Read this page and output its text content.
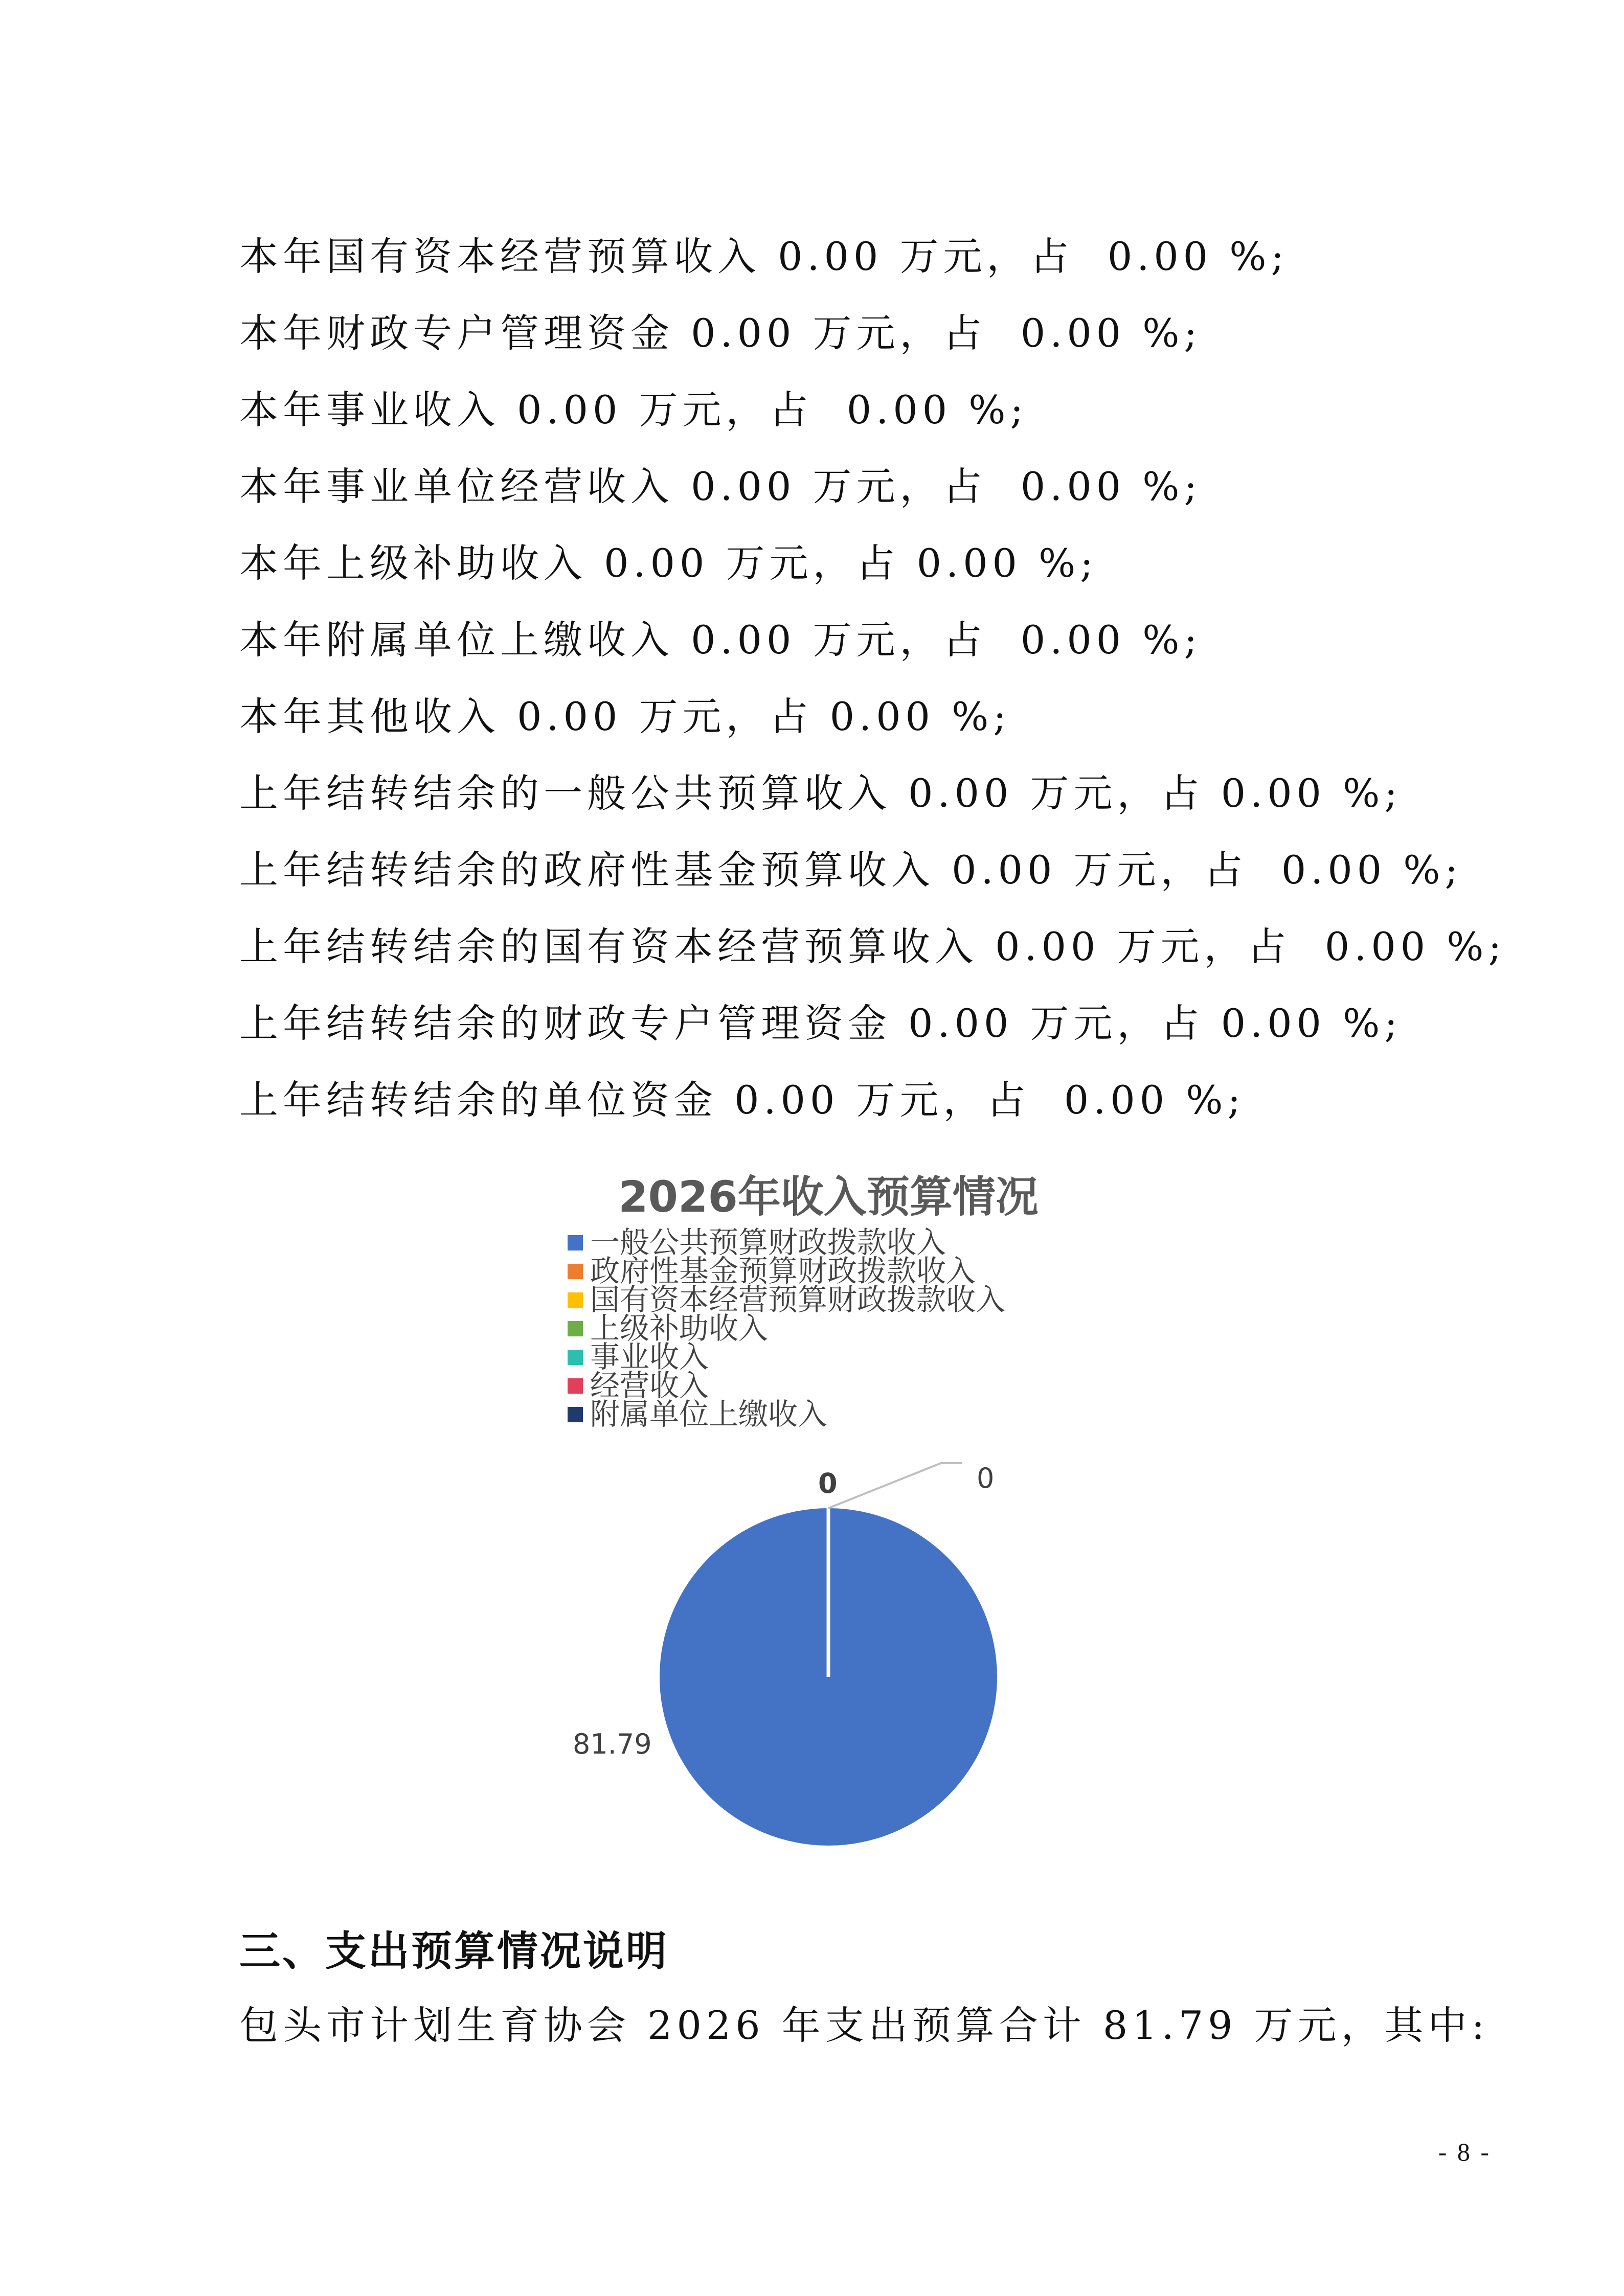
本年国有资本经营预算收入 0.00 万元，占  0.00 %;
本年财政专户管理资金 0.00 万元，占  0.00 %;
本年事业收入 0.00 万元，占  0.00 %;
本年事业单位经营收入 0.00 万元，占  0.00 %;
本年上级补助收入 0.00 万元，占 0.00 %;
本年附属单位上缴收入 0.00 万元，占  0.00 %;
本年其他收入 0.00 万元，占 0.00 %;
上年结转结余的一般公共预算收入 0.00 万元，占 0.00 %;
上年结转结余的政府性基金预算收入 0.00 万元，占  0.00 %;
上年结转结余的国有资本经营预算收入 0.00 万元，占  0.00 %;
上年结转结余的财政专户管理资金 0.00 万元，占 0.00 %;
上年结转结余的单位资金 0.00 万元，占  0.00 %;
2026年收入预算情况
一般公共预算财政拨款收入
政府性基金预算财政拨款收入
国有资本经营预算财政拨款收入
上级补助收入
事业收入
经营收入
附属单位上缴收入
81.79
0	0
三、支出预算情况说明
包头市计划生育协会 2026 年支出预算合计 81.79 万元，其中:
- 8 -
